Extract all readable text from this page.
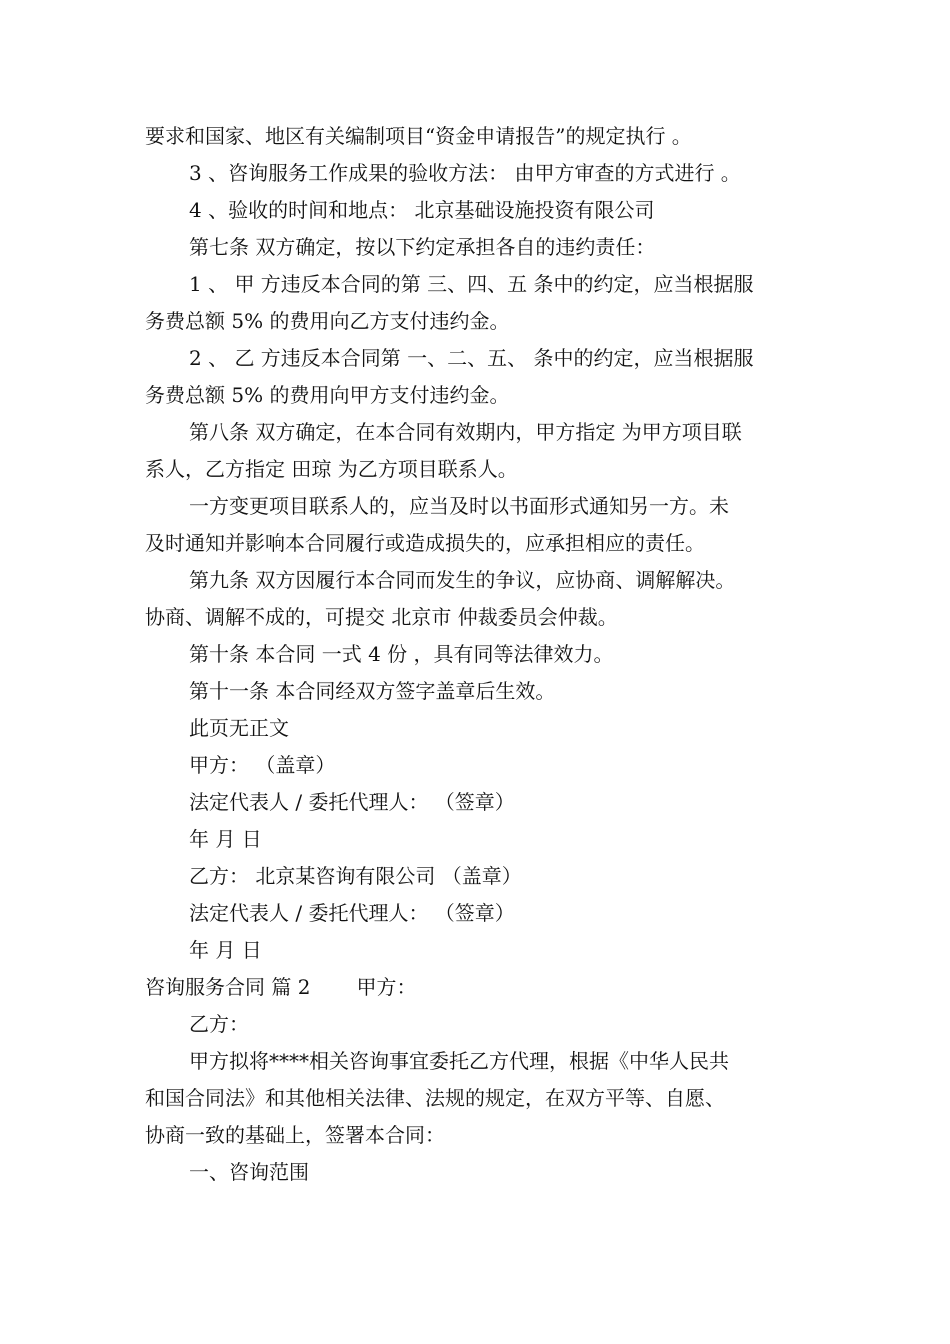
要求和国家、地区有关编制项目“资金申请报告”的规定执行 。
3 、咨询服务工作成果的验收方法： 由甲方审查的方式进行 。
4 、验收的时间和地点： 北京基础设施投资有限公司
第七条 双方确定，按以下约定承担各自的违约责任：
1 、 甲 方违反本合同的第 三、四、五 条中的约定，应当根据服
务费总额 5% 的费用向乙方支付违约金。
2 、 乙 方违反本合同第 一、二、五、 条中的约定，应当根据服
务费总额 5% 的费用向甲方支付违约金。
第八条 双方确定，在本合同有效期内，甲方指定 为甲方项目联
系人，乙方指定 田琼 为乙方项目联系人。
一方变更项目联系人的，应当及时以书面形式通知另一方。未
及时通知并影响本合同履行或造成损失的，应承担相应的责任。
第九条 双方因履行本合同而发生的争议，应协商、调解解决。
协商、调解不成的，可提交 北京市 仲裁委员会仲裁。
第十条 本合同 一式 4 份 ，具有同等法律效力。
第十一条 本合同经双方签字盖章后生效。
此页无正文
甲方： （盖章）
法定代表人 / 委托代理人： （签章）
年 月 日
乙方： 北京某咨询有限公司 （盖章）
法定代表人 / 委托代理人： （签章）
年 月 日
咨询服务合同 篇 2 甲方：
乙方：
甲方拟将****相关咨询事宜委托乙方代理，根据《中华人民共
和国合同法》和其他相关法律、法规的规定，在双方平等、自愿、
协商一致的基础上，签署本合同：
一、咨询范围
